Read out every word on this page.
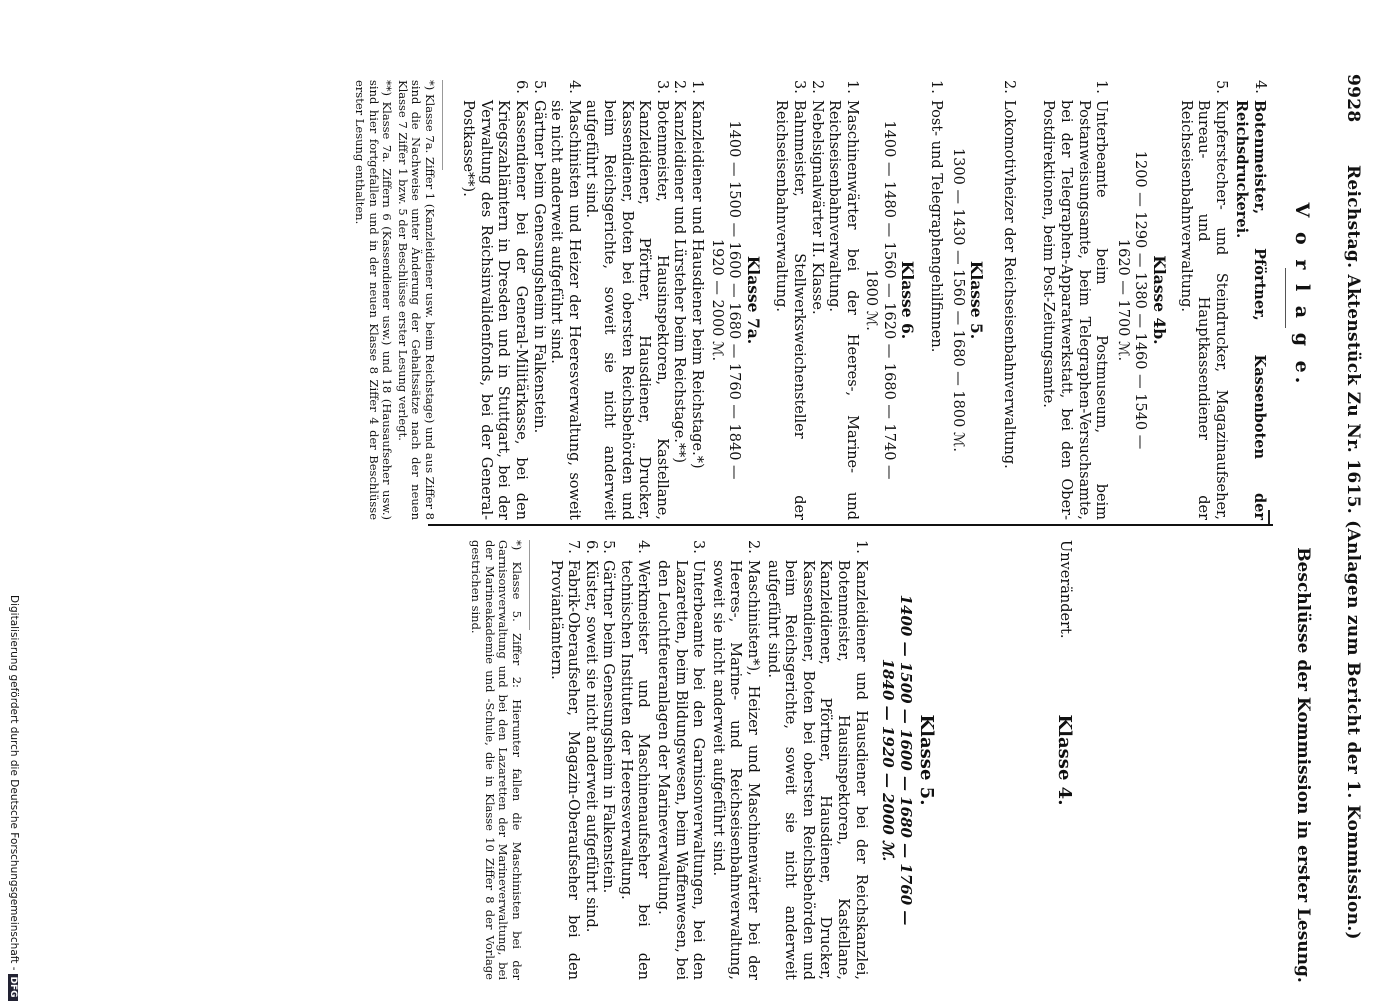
9928  Reichstag. Aktenstück Zu Nr. 1615. (Anlagen zum Bericht der 1. Kommission.)
V o r l a g e.
Beschlüsse der Kommission in erster Lesung.
4.
Botenmeister, Pförtner, Kassenboten der Reichsdruckerei.
5.
Kupferstecher- und Steindrucker, Magazinaufseher, Bureau- und Hauptkassendiener der Reichseisenbahnverwaltung.
Klasse 4b.
1200 — 1290 — 1380 — 1460 — 1540 —
1620 — 1700 ℳ.
1.
Unterbeamte beim Postmuseum, beim Postanweisungsamte, beim Telegraphen-Versuchsamte, bei der Telegraphen-Apparatwerkstatt, bei den Ober-Postdirektionen, beim Post-Zeitungsamte.
2.
Lokomotivheizer der Reichseisenbahnverwaltung.
Klasse 5.
1300 — 1430 — 1560 — 1680 — 1800 ℳ.
1.
Post- und Telegraphengehilfinnen.
Klasse 6.
1400 — 1480 — 1560 — 1620 — 1680 — 1740 —
1800 ℳ.
1.
Maschinenwärter bei der Heeres-, Marine- und Reichseisenbahnverwaltung.
2.
Nebelsignalwärter II. Klasse.
3.
Bahnmeister, Stellwerksweichensteller der Reichseisenbahnverwaltung.
Klasse 7a.
1400 — 1500 — 1600 — 1680 — 1760 — 1840 —
1920 — 2000 ℳ.
1.
Kanzleidiener und Hausdiener beim Reichstage.*)
2.
Kanzleidiener und Lürsteher beim Reichstage.**)
3.
Botenmeister, Hausinspektoren, Kastellane, Kanzleidiener, Pförtner, Hausdiener, Drucker, Kassendiener, Boten bei obersten Reichsbehörden und beim Reichsgerichte, soweit sie nicht anderweit aufgeführt sind.
4.
Maschinisten und Heizer der Heeresverwaltung, soweit sie nicht anderweit aufgeführt sind.
5.
Gärtner beim Genesungsheim in Falkenstein.
6.
Kassendiener bei der General-Militärkasse, bei den Kriegszahlämtern in Dresden und in Stuttgart, bei der Verwaltung des Reichsinvalidenfonds, bei der General-Postkasse**).
*) Klasse 7a. Ziffer 1 (Kanzleidiener usw. beim Reichstage) und aus Ziffer 8 sind die Nachweise unter Änderung der Gehaltssätze nach der neuen Klasse 7 Ziffer 1 bzw. 5 der Beschlüsse erster Lesung verlegt.
**) Klasse 7a. Ziffern 6 (Kassendiener usw.) und 18 (Hausaufseher usw.) sind hier fortgefallen und in der neuen Klasse 8 Ziffer 4 der Beschlüsse erster Lesung enthalten.
Unverändert.
Klasse 4.
Klasse 5.
1400 — 1500 — 1600 — 1680 — 1760 —
1840 — 1920 — 2000 ℳ.
1.
Kanzleidiener und Hausdiener bei der Reichskanzlei, Botenmeister, Hausinspektoren, Kastellane, Kanzleidiener, Pförtner, Hausdiener, Drucker, Kassendiener, Boten bei obersten Reichsbehörden und beim Reichsgerichte, soweit sie nicht anderweit aufgeführt sind.
2.
Maschinisten*), Heizer und Maschinenwärter bei der Heeres-, Marine- und Reichseisenbahnverwaltung, soweit sie nicht anderweit aufgeführt sind.
3.
Unterbeamte bei den Garnisonverwaltungen, bei den Lazaretten, beim Bildungswesen, beim Waffenwesen, bei den Leuchtfeueranlagen der Marineverwaltung.
4.
Werkmeister und Maschinenaufseher bei den technischen Instituten der Heeresverwaltung.
5.
Gärtner beim Genesungsheim in Falkenstein.
6.
Küster, soweit sie nicht anderweit aufgeführt sind.
7.
Fabrik-Oberaufseher, Magazin-Oberaufseher bei den Proviantämtern.
*) Klasse 5. Ziffer 2: Hierunter fallen die Maschinisten bei der Garnisonverwaltung und bei den Lazaretten der Marineverwaltung, bei der Marineakademie und -Schule, die in Klasse 10 Ziffer 8 der Vorlage gestrichen sind.
Digitalisierung gefördert durch die Deutsche Forschungsgemeinschaft -DFG
